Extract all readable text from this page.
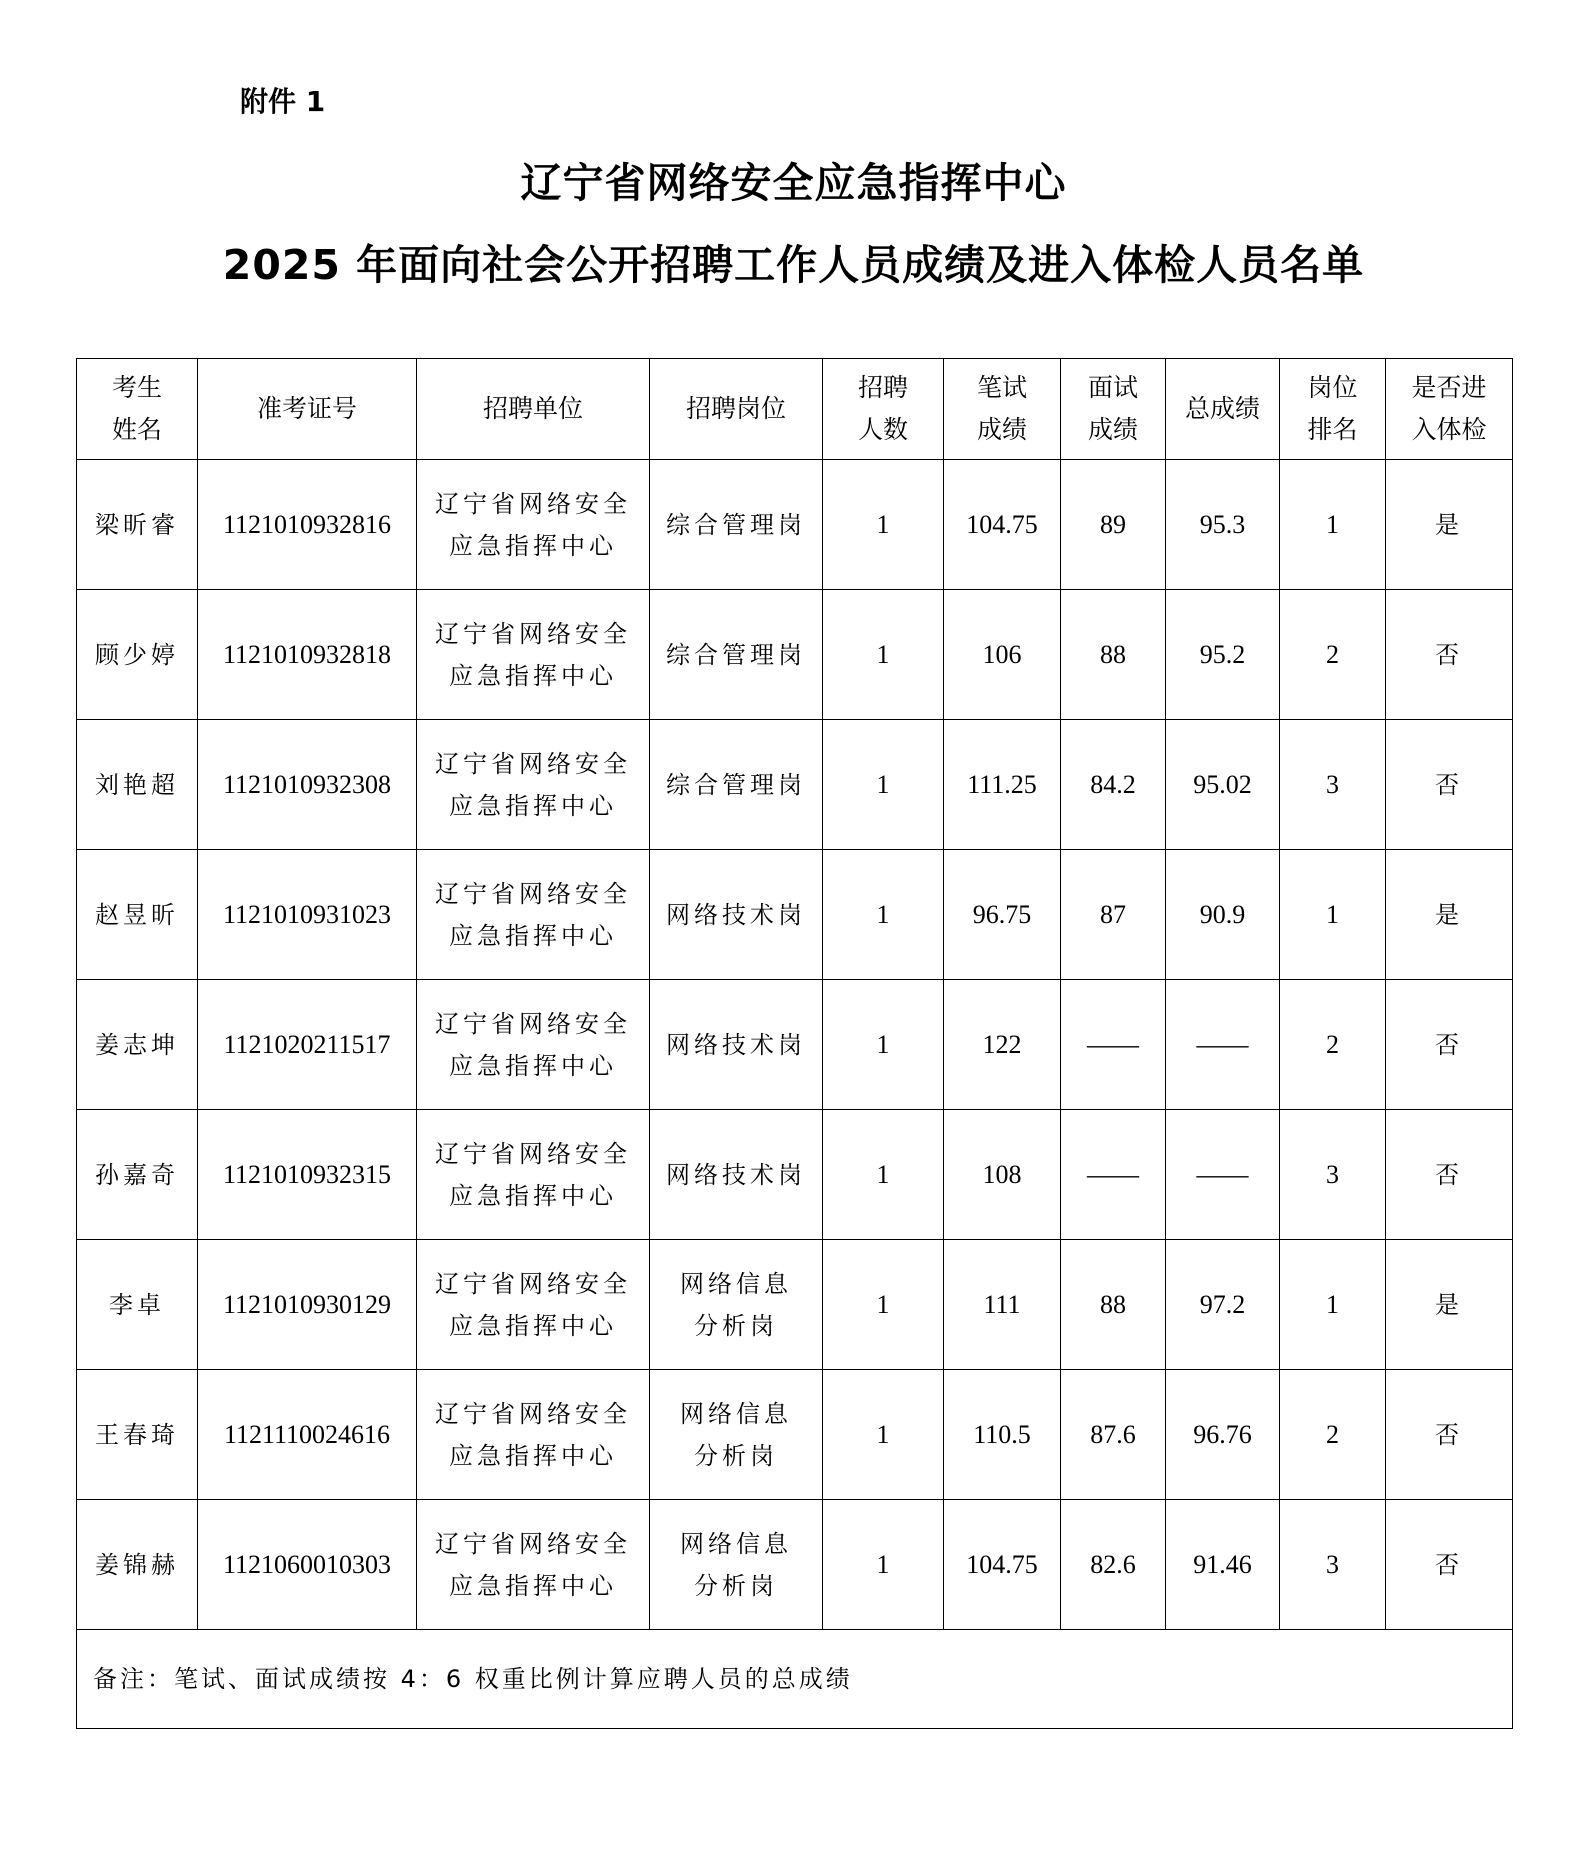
附件 1
辽宁省网络安全应急指挥中心
2025 年面向社会公开招聘工作人员成绩及进入体检人员名单
考生
姓名	准考证号	招聘单位	招聘岗位	招聘
人数	笔试
成绩	面试
成绩	总成绩	岗位
排名	是否进
入体检

梁昕睿	1121010932816	辽宁省网络安全
应急指挥中心	综合管理岗	1	104.75	89	95.3	1	是

顾少婷	1121010932818	辽宁省网络安全
应急指挥中心	综合管理岗	1	106	88	95.2	2	否

刘艳超	1121010932308	辽宁省网络安全
应急指挥中心	综合管理岗	1	111.25	84.2	95.02	3	否

赵昱昕	1121010931023	辽宁省网络安全
应急指挥中心	网络技术岗	1	96.75	87	90.9	1	是

姜志坤	1121020211517	辽宁省网络安全
应急指挥中心	网络技术岗	1	122	——	——	2	否

孙嘉奇	1121010932315	辽宁省网络安全
应急指挥中心	网络技术岗	1	108	——	——	3	否

李卓	1121010930129	辽宁省网络安全
应急指挥中心	网络信息
分析岗	1	111	88	97.2	1	是

王春琦	1121110024616	辽宁省网络安全
应急指挥中心	网络信息
分析岗	1	110.5	87.6	96.76	2	否

姜锦赫	1121060010303	辽宁省网络安全
应急指挥中心	网络信息
分析岗	1	104.75	82.6	91.46	3	否

备注：笔试、面试成绩按 4：6 权重比例计算应聘人员的总成绩									
